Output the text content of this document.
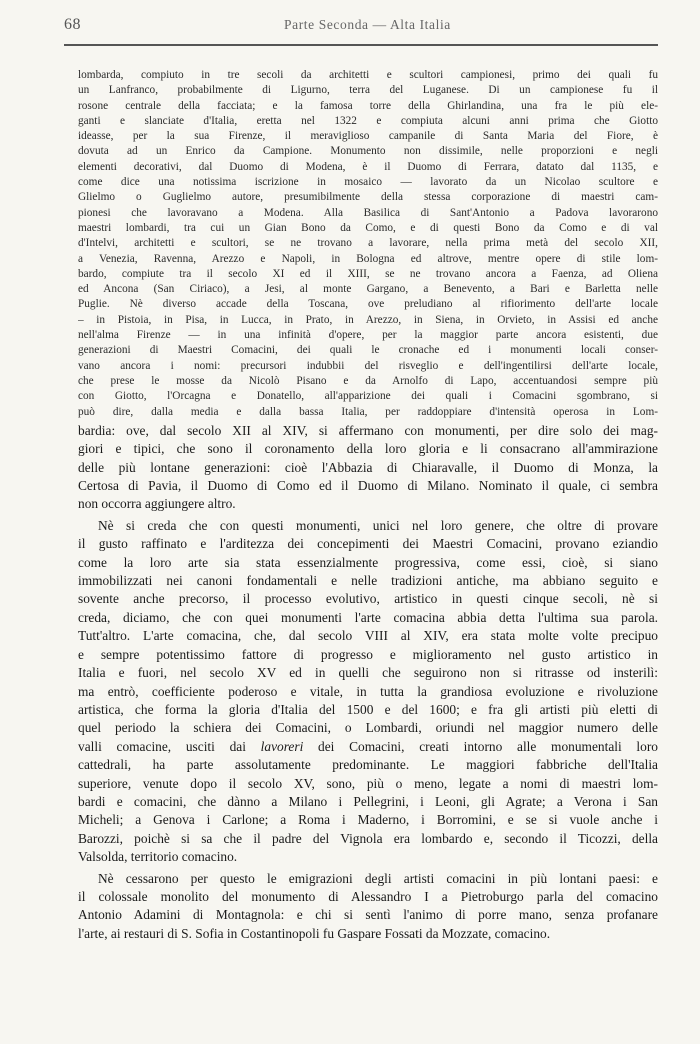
68	Parte Seconda — Alta Italia
lombarda, compiuto in tre secoli da architetti e scultori campionesi, primo dei quali fu
un Lanfranco, probabilmente di Ligurno, terra del Luganese. Di un campionese fu il
rosone centrale della facciata; e la famosa torre della Ghirlandina, una fra le più ele-
ganti e slanciate d'Italia, eretta nel 1322 e compiuta alcuni anni prima che Giotto
ideasse, per la sua Firenze, il meraviglioso campanile di Santa Maria del Fiore, è
dovuta ad un Enrico da Campione. Monumento non dissimile, nelle proporzioni e negli
elementi decorativi, dal Duomo di Modena, è il Duomo di Ferrara, datato dal 1135, e
come dice una notissima iscrizione in mosaico — lavorato da un Nicolao scultore e
Glielmo o Guglielmo autore, presumibilmente della stessa corporazione di maestri cam-
pionesi che lavoravano a Modena. Alla Basilica di Sant'Antonio a Padova lavorarono
maestri lombardi, tra cui un Gian Bono da Como, e di questi Bono da Como e di val
d'Intelvi, architetti e scultori, se ne trovano a lavorare, nella prima metà del secolo XII,
a Venezia, Ravenna, Arezzo e Napoli, in Bologna ed altrove, mentre opere di stile lom-
bardo, compiute tra il secolo XI ed il XIII, se ne trovano ancora a Faenza, ad Oliena
ed Ancona (San Ciriaco), a Jesi, al monte Gargano, a Benevento, a Bari e Barletta nelle
Puglie. Nè diverso accade della Toscana, ove preludiano al rifiorimento dell'arte locale
– in Pistoia, in Pisa, in Lucca, in Prato, in Arezzo, in Siena, in Orvieto, in Assisi ed anche
nell'alma Firenze — in una infinità d'opere, per la maggior parte ancora esistenti, due
generazioni di Maestri Comacini, dei quali le cronache ed i monumenti locali conser-
vano ancora i nomi: precursori indubbii del risveglio e dell'ingentilirsi dell'arte locale,
che prese le mosse da Nicolò Pisano e da Arnolfo di Lapo, accentuandosi sempre più
con Giotto, l'Orcagna e Donatello, all'apparizione dei quali i Comacini sgombrano, si
può dire, dalla media e dalla bassa Italia, per raddoppiare d'intensità operosa in Lom-
bardia: ove, dal secolo XII al XIV, si affermano con monumenti, per dire solo dei mag-
giori e tipici, che sono il coronamento della loro gloria e li consacrano all'ammirazione
delle più lontane generazioni: cioè l'Abbazia di Chiaravalle, il Duomo di Monza, la
Certosa di Pavia, il Duomo di Como ed il Duomo di Milano. Nominato il quale, ci sembra
non occorra aggiungere altro.
Nè si creda che con questi monumenti, unici nel loro genere, che oltre di provare
il gusto raffinato e l'arditezza dei concepimenti dei Maestri Comacini, provano eziandio
come la loro arte sia stata essenzialmente progressiva, come essi, cioè, si siano
immobilizzati nei canoni fondamentali e nelle tradizioni antiche, ma abbiano seguito e
sovente anche precorso, il processo evolutivo, artistico in questi cinque secoli, nè si
creda, diciamo, che con quei monumenti l'arte comacina abbia detta l'ultima sua parola.
Tutt'altro. L'arte comacina, che, dal secolo VIII al XIV, era stata molte volte precipuo
e sempre potentissimo fattore di progresso e miglioramento nel gusto artistico in
Italia e fuori, nel secolo XV ed in quelli che seguirono non si ritrasse od insterilì:
ma entrò, coefficiente poderoso e vitale, in tutta la grandiosa evoluzione e rivoluzione
artistica, che forma la gloria d'Italia del 1500 e del 1600; e fra gli artisti più eletti di
quel periodo la schiera dei Comacini, o Lombardi, oriundi nel maggior numero delle
valli comacine, usciti dai lavoreri dei Comacini, creati intorno alle monumentali loro
cattedrali, ha parte assolutamente predominante. Le maggiori fabbriche dell'Italia
superiore, venute dopo il secolo XV, sono, più o meno, legate a nomi di maestri lom-
bardi e comacini, che dànno a Milano i Pellegrini, i Leoni, gli Agrate; a Verona i San
Micheli; a Genova i Carlone; a Roma i Maderno, i Borromini, e se si vuole anche i
Barozzi, poichè si sa che il padre del Vignola era lombardo e, secondo il Ticozzi, della
Valsolda, territorio comacino.
Nè cessarono per questo le emigrazioni degli artisti comacini in più lontani paesi: e
il colossale monolito del monumento di Alessandro I a Pietroburgo parla del comacino
Antonio Adamini di Montagnola: e chi si sentì l'animo di porre mano, senza profanare
l'arte, ai restauri di S. Sofia in Costantinopoli fu Gaspare Fossati da Mozzate, comacino.
